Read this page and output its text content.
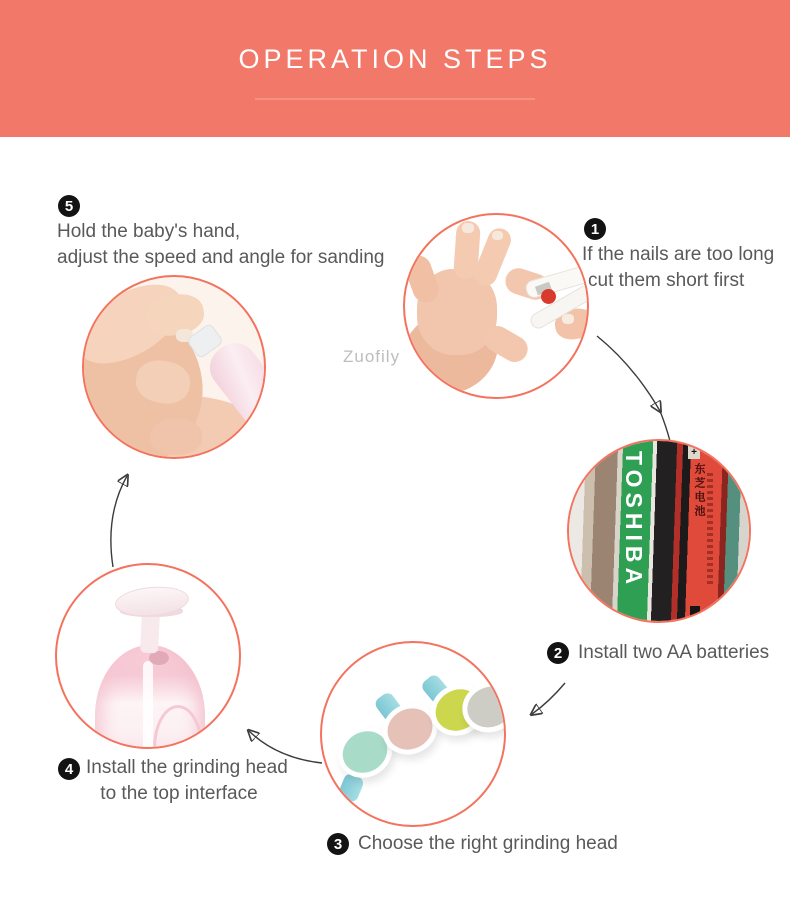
OPERATION STEPS
TOSHIBA	+
东芝电池
5
Hold the baby's hand,
adjust the speed and angle for sanding
1
If the nails are too long
cut them short first
2 Install two AA batteries
3 Choose the right grinding head
4 Install the grinding head
to the top interface
Zuofily
